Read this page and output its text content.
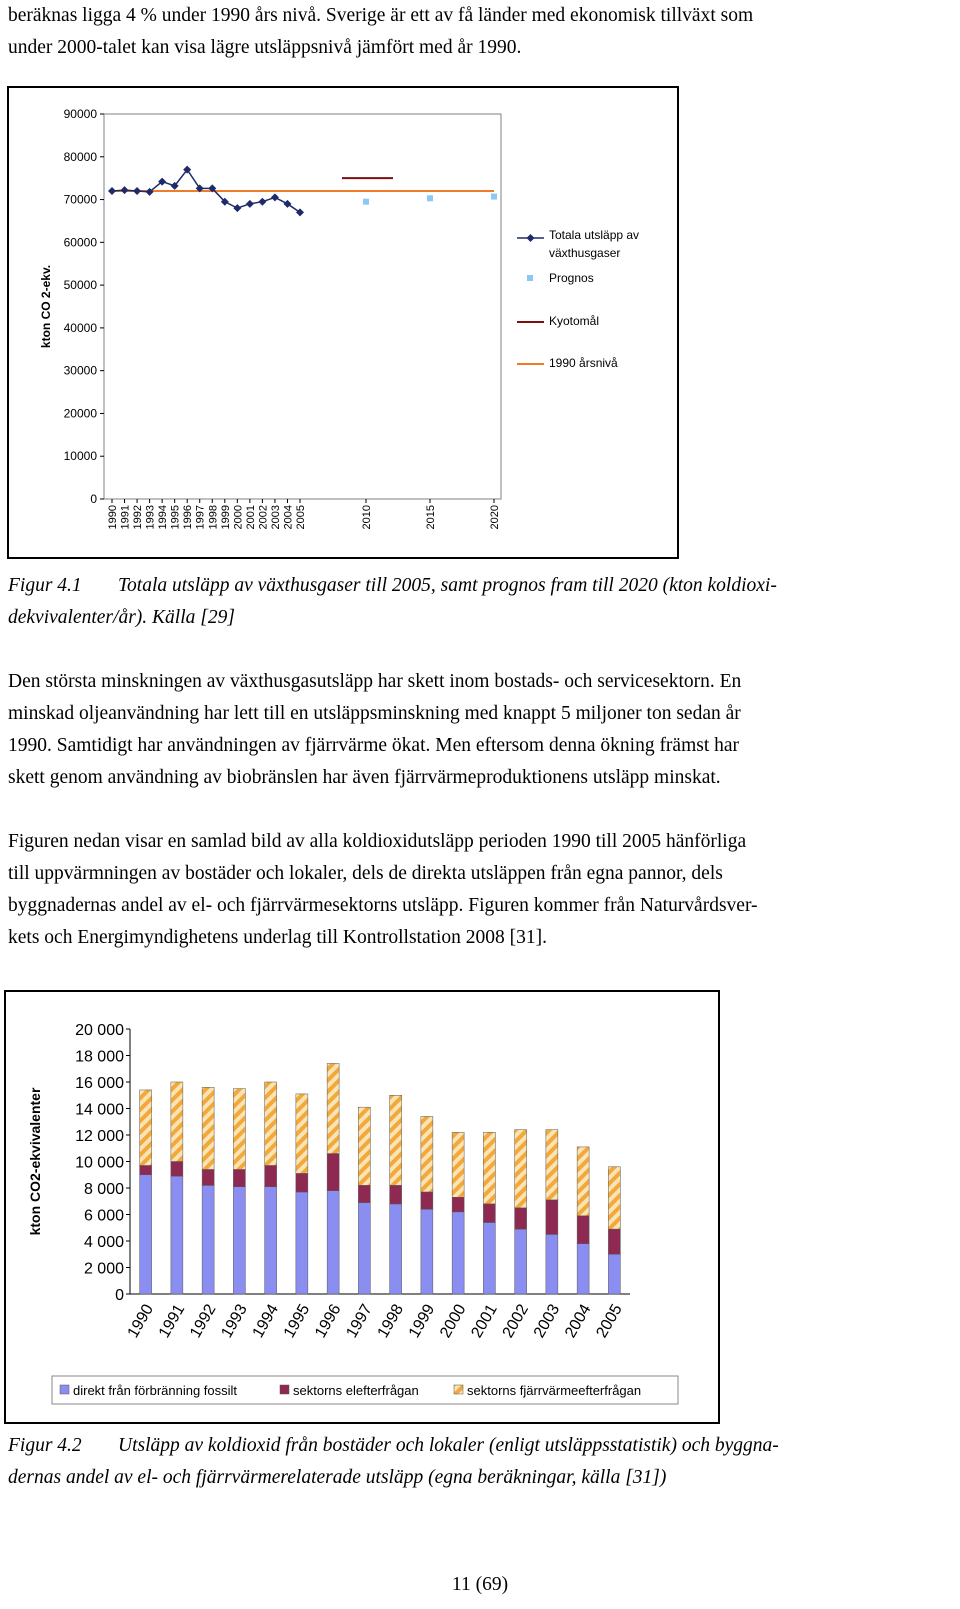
beräknas ligga 4 % under 1990 års nivå. Sverige är ett av få länder med ekonomisk tillväxt som

under 2000-talet kan visa lägre utsläppsnivå jämfört med år 1990.

90000
80000
70000
60000
50000
40000
30000
20000
10000
0
kton CO 2-ekv.
1990 1991 1992 1993 1994 1995 1996 1997 1998 1999 2000 2001 2002 2003 2004 2005	2010	2015	2020
Totala utsläpp av
växthusgaser
Prognos
Kyotomål
1990 årsnivå

Figur 4.1 Totala utsläpp av växthusgaser till 2005, samt prognos fram till 2020 (kton koldioxi-

dekvivalenter/år). Källa [29]

Den största minskningen av växthusgasutsläpp har skett inom bostads- och servicesektorn. En

minskad oljeanvändning har lett till en utsläppsminskning med knappt 5 miljoner ton sedan år

1990. Samtidigt har användningen av fjärrvärme ökat. Men eftersom denna ökning främst har

skett genom användning av biobränslen har även fjärrvärmeproduktionens utsläpp minskat.

Figuren nedan visar en samlad bild av alla koldioxidutsläpp perioden 1990 till 2005 hänförliga

till uppvärmningen av bostäder och lokaler, dels de direkta utsläppen från egna pannor, dels

byggnadernas andel av el- och fjärrvärmesektorns utsläpp. Figuren kommer från Naturvårdsver-

kets och Energimyndighetens underlag till Kontrollstation 2008 [31].

20 000
18 000
16 000
14 000
12 000
10 000
8 000
6 000
4 000
2 000
0
kton CO2-ekvivalenter
1990
1991
1992
1993
1994
1995
1996
1997
1998
1999
2000
2001
2002
2003
2004
2005
direkt från förbränning fossilt	sektorns elefterfrågan	sektorns fjärrvärmeefterfrågan

Figur 4.2 Utsläpp av koldioxid från bostäder och lokaler (enligt utsläppsstatistik) och byggna-

dernas andel av el- och fjärrvärmerelaterade utsläpp (egna beräkningar, källa [31])

11 (69)
